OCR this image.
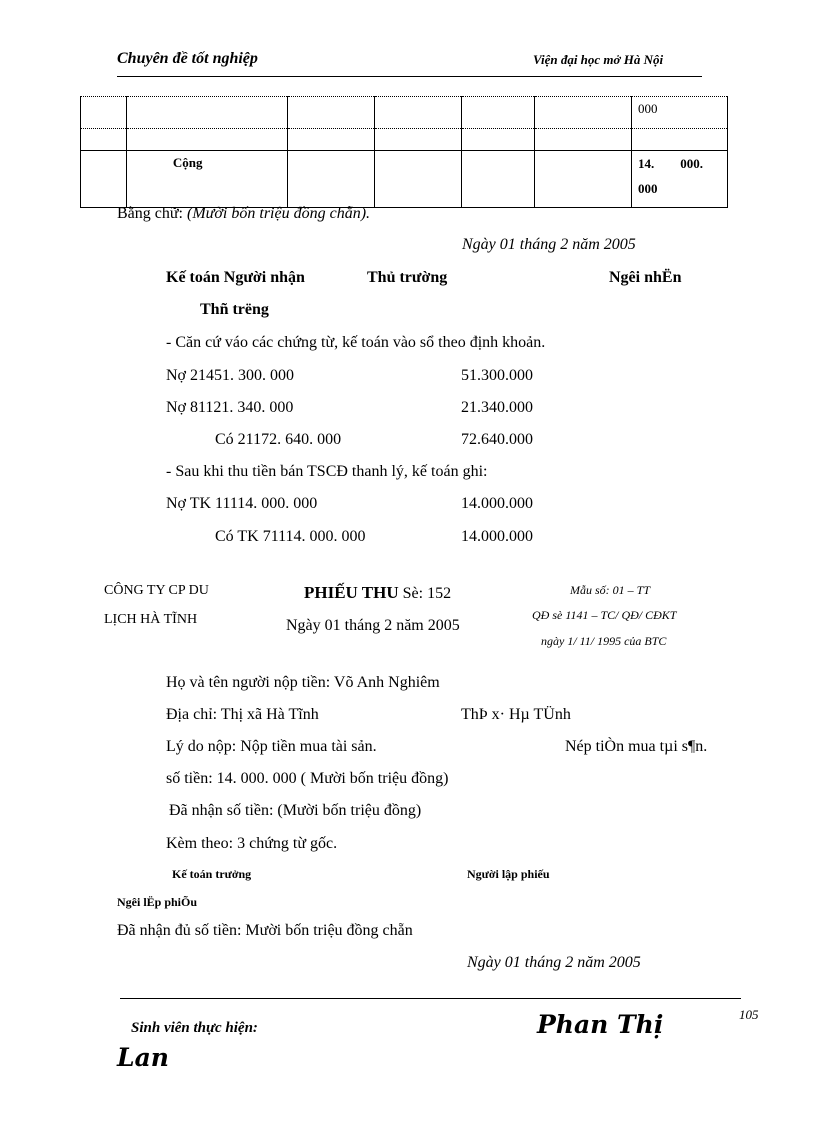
Chuyên đề tốt nghiệp	Viện đại học mở Hà Nội
						000

	Cộng					14.        000.
000
Bằng chữ: (Mười bốn triệu đồng chẵn).
Ngày 01 tháng 2 năm 2005
Kế toán Người nhận	Thủ trường	Ngêi nhËn
Thñ trëng
- Căn cứ váo các chứng từ, kế toán vào sổ theo định khoản.
Nợ 21451. 300. 000	51.300.000
Nợ 81121. 340. 000	21.340.000
Có 21172. 640. 000	72.640.000
- Sau khi thu tiền bán TSCĐ thanh lý, kế toán ghi:
Nợ TK 11114. 000. 000	14.000.000
Có TK 71114. 000. 000	14.000.000
CÔNG TY CP DU
LỊCH HÀ TĨNH
PHIẾU THU Sè: 152
Ngày 01 tháng 2 năm 2005
Mẫu số: 01 – TT
QĐ sè 1141 – TC/ QĐ/ CĐKT
ngày 1/ 11/ 1995 của BTC
Họ và tên người nộp tiền: Võ Anh Nghiêm
Địa chỉ: Thị xã Hà Tĩnh	ThÞ x· Hµ TÜnh
Lý do nộp: Nộp tiền mua tài sản.	Nép tiÒn mua tµi s¶n.
số tiền: 14. 000. 000 ( Mười bốn triệu đồng)
Đã nhận số tiền: (Mười bốn triệu đồng)
Kèm theo: 3 chứng từ gốc.
Kế toán trưởng	Người lập phiếu
Ngêi lËp phiÕu
Đã nhận đủ số tiền: Mười bốn triệu đồng chẵn
Ngày 01 tháng 2 năm 2005
Sinh viên thực hiện:	Phan Thị
Lan
105
